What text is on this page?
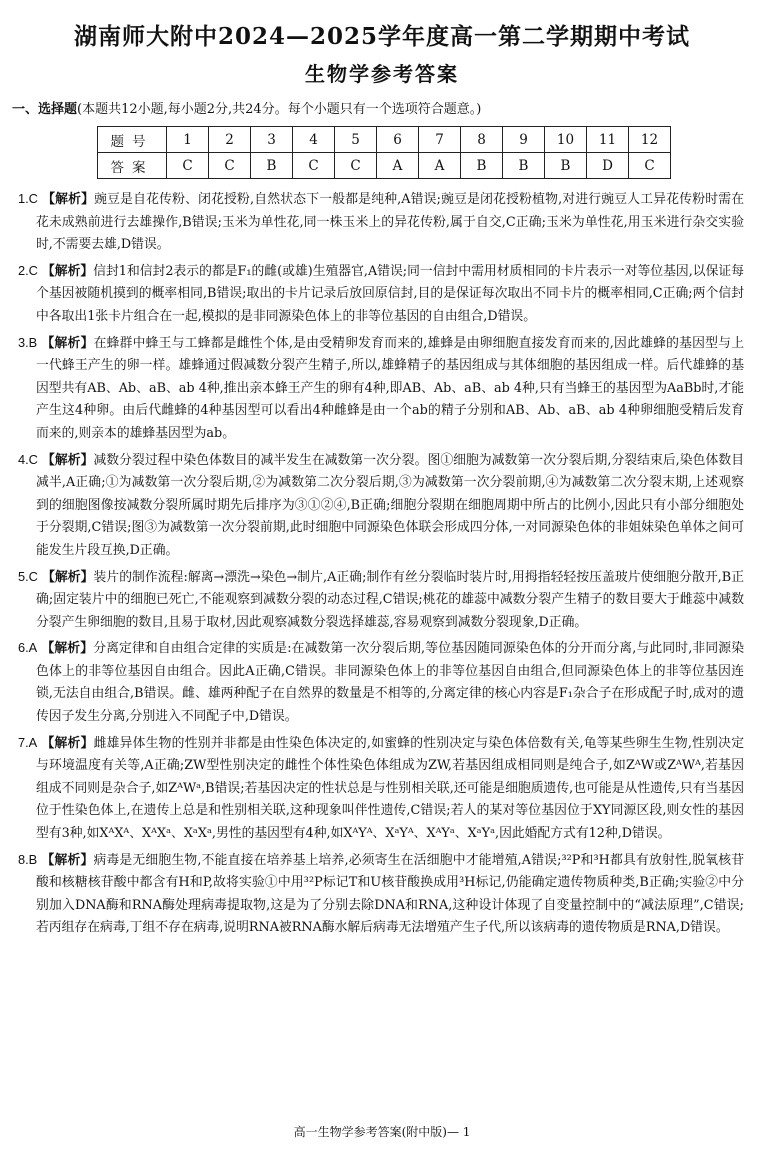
湖南师大附中2024—2025学年度高一第二学期期中考试
生物学参考答案
一、选择题(本题共12小题,每小题2分,共24分。每个小题只有一个选项符合题意。)
题号	1	2	3	4	5	6	7	8	9	10	11	12
答案	C	C	B	C	C	A	A	B	B	B	D	C

1.C 【解析】豌豆是自花传粉、闭花授粉,自然状态下一般都是纯种,A错误;豌豆是闭花授粉植物,对进行豌豆人工异花传粉时需在花未成熟前进行去雄操作,B错误;玉米为单性花,同一株玉米上的异花传粉,属于自交,C正确;玉米为单性花,用玉米进行杂交实验时,不需要去雄,D错误。

2.C 【解析】信封1和信封2表示的都是F₁的雌(或雄)生殖器官,A错误;同一信封中需用材质相同的卡片表示一对等位基因,以保证每个基因被随机摸到的概率相同,B错误;取出的卡片记录后放回原信封,目的是保证每次取出不同卡片的概率相同,C正确;两个信封中各取出1张卡片组合在一起,模拟的是非同源染色体上的非等位基因的自由组合,D错误。

3.B 【解析】在蜂群中蜂王与工蜂都是雌性个体,是由受精卵发育而来的,雄蜂是由卵细胞直接发育而来的,因此雄蜂的基因型与上一代蜂王产生的卵一样。雄蜂通过假减数分裂产生精子,所以,雄蜂精子的基因组成与其体细胞的基因组成一样。后代雄蜂的基因型共有AB、Ab、aB、ab 4种,推出亲本蜂王产生的卵有4种,即AB、Ab、aB、ab 4种,只有当蜂王的基因型为AaBb时,才能产生这4种卵。由后代雌蜂的4种基因型可以看出4种雌蜂是由一个ab的精子分别和AB、Ab、aB、ab 4种卵细胞受精后发育而来的,则亲本的雄蜂基因型为ab。

4.C 【解析】减数分裂过程中染色体数目的减半发生在减数第一次分裂。图①细胞为减数第一次分裂后期,分裂结束后,染色体数目减半,A正确;①为减数第一次分裂后期,②为减数第二次分裂后期,③为减数第一次分裂前期,④为减数第二次分裂末期,上述观察到的细胞图像按减数分裂所属时期先后排序为③①②④,B正确;细胞分裂期在细胞周期中所占的比例小,因此只有小部分细胞处于分裂期,C错误;图③为减数第一次分裂前期,此时细胞中同源染色体联会形成四分体,一对同源染色体的非姐妹染色单体之间可能发生片段互换,D正确。

5.C 【解析】装片的制作流程:解离→漂洗→染色→制片,A正确;制作有丝分裂临时装片时,用拇指轻轻按压盖玻片使细胞分散开,B正确;固定装片中的细胞已死亡,不能观察到减数分裂的动态过程,C错误;桃花的雄蕊中减数分裂产生精子的数目要大于雌蕊中减数分裂产生卵细胞的数目,且易于取材,因此观察减数分裂选择雄蕊,容易观察到减数分裂现象,D正确。

6.A 【解析】分离定律和自由组合定律的实质是:在减数第一次分裂后期,等位基因随同源染色体的分开而分离,与此同时,非同源染色体上的非等位基因自由组合。因此A正确,C错误。非同源染色体上的非等位基因自由组合,但同源染色体上的非等位基因连锁,无法自由组合,B错误。雌、雄两种配子在自然界的数量是不相等的,分离定律的核心内容是F₁杂合子在形成配子时,成对的遗传因子发生分离,分别进入不同配子中,D错误。

7.A 【解析】雌雄异体生物的性别并非都是由性染色体决定的,如蜜蜂的性别决定与染色体倍数有关,龟等某些卵生生物,性别决定与环境温度有关等,A正确;ZW型性别决定的雌性个体性染色体组成为ZW,若基因组成相同则是纯合子,如ZᴬW或ZᴬWᴬ,若基因组成不同则是杂合子,如ZᴬWᵃ,B错误;若基因决定的性状总是与性别相关联,还可能是细胞质遗传,也可能是从性遗传,只有当基因位于性染色体上,在遗传上总是和性别相关联,这种现象叫伴性遗传,C错误;若人的某对等位基因位于XY同源区段,则女性的基因型有3种,如XᴬXᴬ、XᴬXᵃ、XᵃXᵃ,男性的基因型有4种,如XᴬYᴬ、XᵃYᴬ、XᴬYᵃ、XᵃYᵃ,因此婚配方式有12种,D错误。

8.B 【解析】病毒是无细胞生物,不能直接在培养基上培养,必须寄生在活细胞中才能增殖,A错误;³²P和³H都具有放射性,脱氧核苷酸和核糖核苷酸中都含有H和P,故将实验①中用³²P标记T和U核苷酸换成用³H标记,仍能确定遗传物质种类,B正确;实验②中分别加入DNA酶和RNA酶处理病毒提取物,这是为了分别去除DNA和RNA,这种设计体现了自变量控制中的“减法原理”,C错误;若丙组存在病毒,丁组不存在病毒,说明RNA被RNA酶水解后病毒无法增殖产生子代,所以该病毒的遗传物质是RNA,D错误。

高一生物学参考答案(附中版)— 1
